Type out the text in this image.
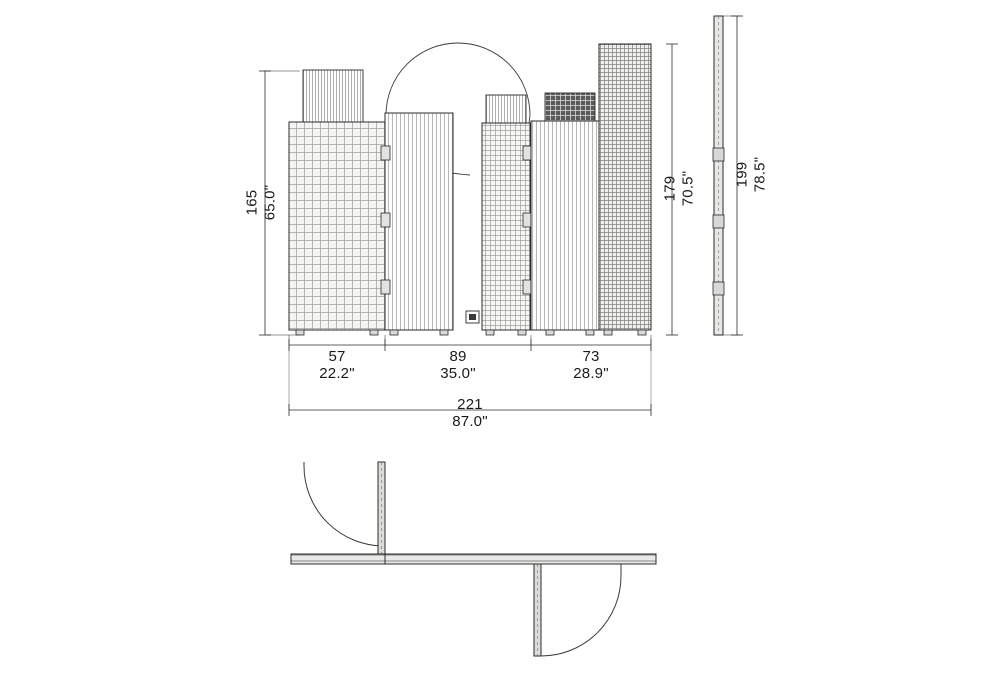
165 65.0"	179 70.5" 199 78.5"
57
22.2"
89
35.0"
73
28.9"
221
87.0"
